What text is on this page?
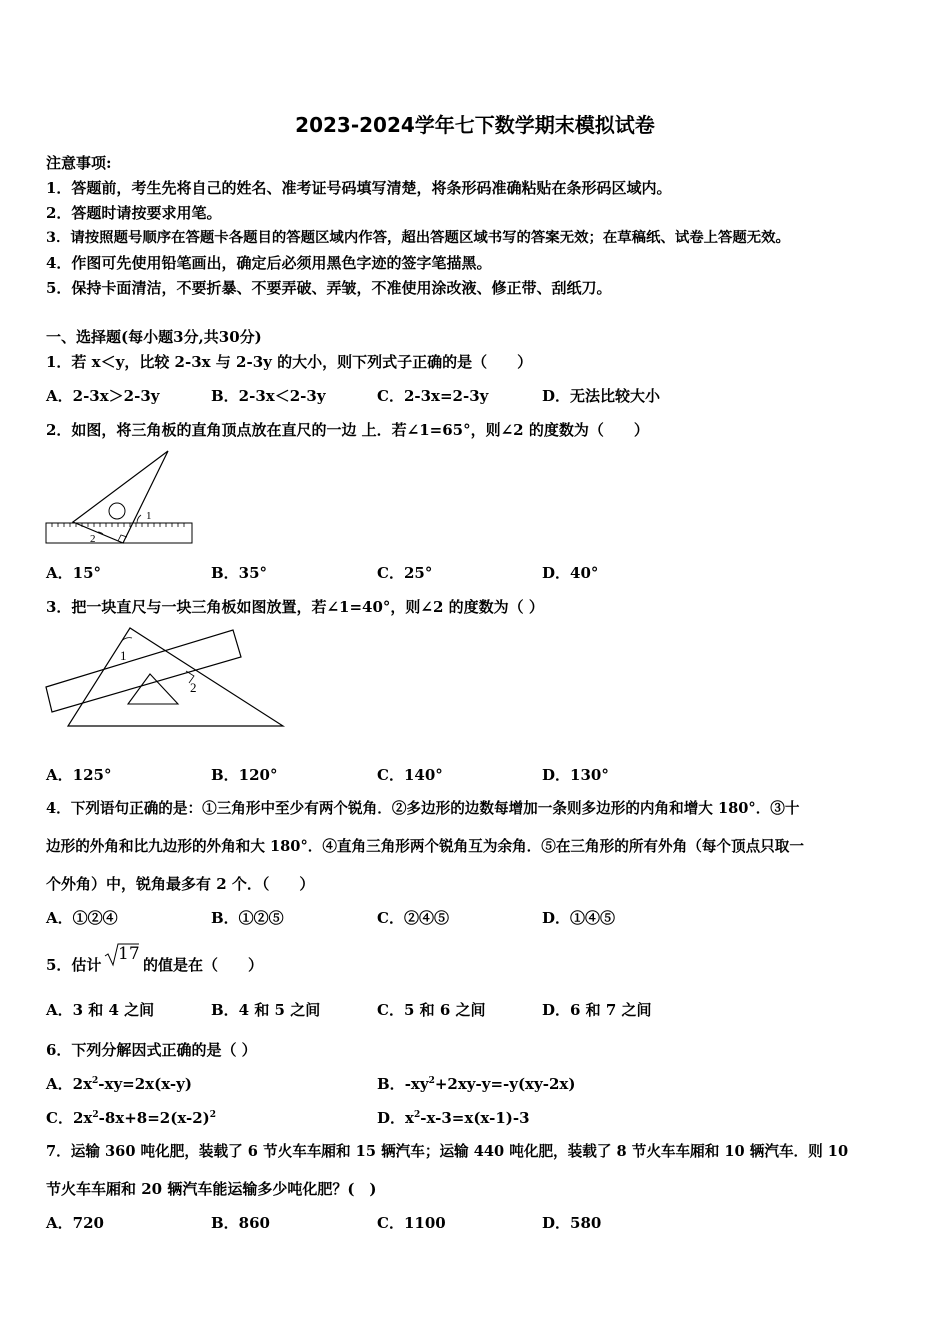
2023-2024学年七下数学期末模拟试卷
注意事项:
1．答题前，考生先将自己的姓名、准考证号码填写清楚，将条形码准确粘贴在条形码区域内。
2．答题时请按要求用笔。
3．请按照题号顺序在答题卡各题目的答题区域内作答，超出答题区域书写的答案无效；在草稿纸、试卷上答题无效。
4．作图可先使用铅笔画出，确定后必须用黑色字迹的签字笔描黑。
5．保持卡面清洁，不要折暴、不要弄破、弄皱，不准使用涂改液、修正带、刮纸刀。
一、选择题(每小题3分,共30分)
1．若 x＜y，比较 2-3x 与 2-3y 的大小，则下列式子正确的是（　　）
A．2-3x＞2-3y	B．2-3x＜2-3y	C．2-3x=2-3y	D．无法比较大小
2．如图，将三角板的直角顶点放在直尺的一边 上．若∠1=65°，则∠2 的度数为（　　）
1
2
A．15°	B．35°	C．25°	D．40°
3．把一块直尺与一块三角板如图放置，若∠1=40°，则∠2 的度数为（ ）
1
2
A．125°	B．120°	C．140°	D．130°
4．下列语句正确的是：①三角形中至少有两个锐角．②多边形的边数每增加一条则多边形的内角和增大 180°．③十
边形的外角和比九边形的外角和大 180°．④直角三角形两个锐角互为余角．⑤在三角形的所有外角（每个顶点只取一
个外角）中，锐角最多有 2 个．（　　）
A．①②④	B．①②⑤	C．②④⑤	D．①④⑤
5．估计
17
的值是在（　　）
A．3 和 4 之间	B．4 和 5 之间	C．5 和 6 之间	D．6 和 7 之间
6．下列分解因式正确的是（ ）
A．$2x^2-xy=2x(x-y)$	B．$-xy^2+2xy-y=-y(xy-2x)$
C．$2x^2-8x+8=2(x-2)^2$	D．$x^2-x-3=x(x-1)-3$
7．运输 360 吨化肥，装载了 6 节火车车厢和 15 辆汽车；运输 440 吨化肥，装载了 8 节火车车厢和 10 辆汽车．则 10
节火车车厢和 20 辆汽车能运输多少吨化肥？(　)
A．720	B．860	C．1100	D．580
